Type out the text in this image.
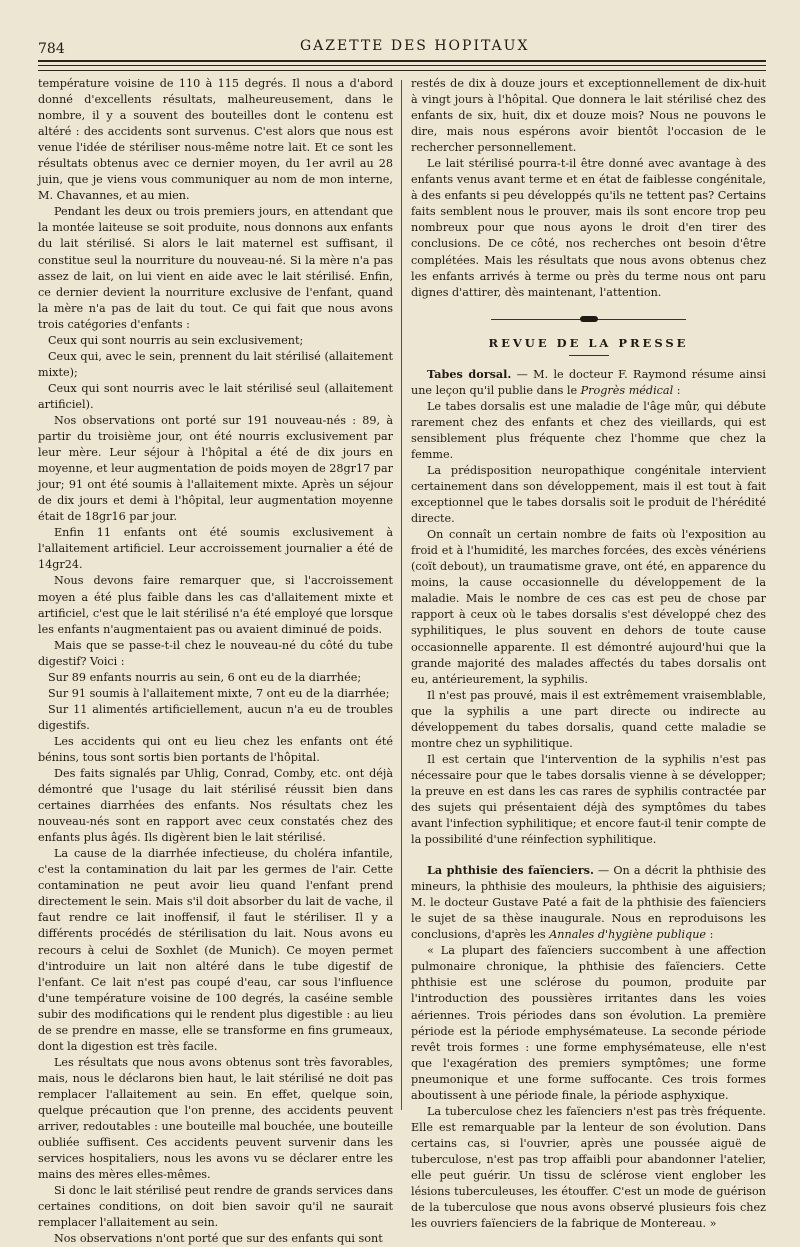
784	GAZETTE DES HOPITAUX

température voisine de 110 à 115 degrés. Il nous a d'abord donné d'excellents résultats, malheureusement, dans le nombre, il y a souvent des bouteilles dont le contenu est altéré : des accidents sont survenus. C'est alors que nous est venue l'idée de stériliser nous-même notre lait. Et ce sont les résultats obtenus avec ce dernier moyen, du 1er avril au 28 juin, que je viens vous communiquer au nom de mon interne, M. Chavannes, et au mien.

Pendant les deux ou trois premiers jours, en attendant que la montée laiteuse se soit produite, nous donnons aux enfants du lait stérilisé. Si alors le lait maternel est suffisant, il constitue seul la nourriture du nouveau-né. Si la mère n'a pas assez de lait, on lui vient en aide avec le lait stérilisé. Enfin, ce dernier devient la nourriture exclusive de l'enfant, quand la mère n'a pas de lait du tout. Ce qui fait que nous avons trois catégories d'enfants :

Ceux qui sont nourris au sein exclusivement;

Ceux qui, avec le sein, prennent du lait stérilisé (allaitement mixte);

Ceux qui sont nourris avec le lait stérilisé seul (allaitement artificiel).

Nos observations ont porté sur 191 nouveau-nés : 89, à partir du troisième jour, ont été nourris exclusivement par leur mère. Leur séjour à l'hôpital a été de dix jours en moyenne, et leur augmentation de poids moyen de 28gr17 par jour; 91 ont été soumis à l'allaitement mixte. Après un séjour de dix jours et demi à l'hôpital, leur augmentation moyenne était de 18gr16 par jour.

Enfin 11 enfants ont été soumis exclusivement à l'allaitement artificiel. Leur accroissement journalier a été de 14gr24.

Nous devons faire remarquer que, si l'accroissement moyen a été plus faible dans les cas d'allaitement mixte et artificiel, c'est que le lait stérilisé n'a été employé que lorsque les enfants n'augmentaient pas ou avaient diminué de poids.

Mais que se passe-t-il chez le nouveau-né du côté du tube digestif? Voici :

Sur 89 enfants nourris au sein, 6 ont eu de la diarrhée;

Sur 91 soumis à l'allaitement mixte, 7 ont eu de la diarrhée;

Sur 11 alimentés artificiellement, aucun n'a eu de troubles digestifs.

Les accidents qui ont eu lieu chez les enfants ont été bénins, tous sont sortis bien portants de l'hôpital.

Des faits signalés par Uhlig, Conrad, Comby, etc. ont déjà démontré que l'usage du lait stérilisé réussit bien dans certaines diarrhées des enfants. Nos résultats chez les nouveau-nés sont en rapport avec ceux constatés chez des enfants plus âgés. Ils digèrent bien le lait stérilisé.

La cause de la diarrhée infectieuse, du choléra infantile, c'est la contamination du lait par les germes de l'air. Cette contamination ne peut avoir lieu quand l'enfant prend directement le sein. Mais s'il doit absorber du lait de vache, il faut rendre ce lait inoffensif, il faut le stériliser. Il y a différents procédés de stérilisation du lait. Nous avons eu recours à celui de Soxhlet (de Munich). Ce moyen permet d'introduire un lait non altéré dans le tube digestif de l'enfant. Ce lait n'est pas coupé d'eau, car sous l'influence d'une température voisine de 100 degrés, la caséine semble subir des modifications qui le rendent plus digestible : au lieu de se prendre en masse, elle se transforme en fins grumeaux, dont la digestion est très facile.

Les résultats que nous avons obtenus sont très favorables, mais, nous le déclarons bien haut, le lait stérilisé ne doit pas remplacer l'allaitement au sein. En effet, quelque soin, quelque précaution que l'on prenne, des accidents peuvent arriver, redoutables : une bouteille mal bouchée, une bouteille oubliée suffisent. Ces accidents peuvent survenir dans les services hospitaliers, nous les avons vu se déclarer entre les mains des mères elles-mêmes.

Si donc le lait stérilisé peut rendre de grands services dans certaines conditions, on doit bien savoir qu'il ne saurait remplacer l'allaitement au sein.

Nos observations n'ont porté que sur des enfants qui sont

restés de dix à douze jours et exceptionnellement de dix-huit à vingt jours à l'hôpital. Que donnera le lait stérilisé chez des enfants de six, huit, dix et douze mois? Nous ne pouvons le dire, mais nous espérons avoir bientôt l'occasion de le rechercher personnellement.

Le lait stérilisé pourra-t-il être donné avec avantage à des enfants venus avant terme et en état de faiblesse congénitale, à des enfants si peu développés qu'ils ne tettent pas? Certains faits semblent nous le prouver, mais ils sont encore trop peu nombreux pour que nous ayons le droit d'en tirer des conclusions. De ce côté, nos recherches ont besoin d'être complétées. Mais les résultats que nous avons obtenus chez les enfants arrivés à terme ou près du terme nous ont paru dignes d'attirer, dès maintenant, l'attention.

REVUE DE LA PRESSE

Tabes dorsal. — M. le docteur F. Raymond résume ainsi une leçon qu'il publie dans le Progrès médical :

Le tabes dorsalis est une maladie de l'âge mûr, qui débute rarement chez des enfants et chez des vieillards, qui est sensiblement plus fréquente chez l'homme que chez la femme.

La prédisposition neuropathique congénitale intervient certainement dans son développement, mais il est tout à fait exceptionnel que le tabes dorsalis soit le produit de l'hérédité directe.

On connaît un certain nombre de faits où l'exposition au froid et à l'humidité, les marches forcées, des excès vénériens (coït debout), un traumatisme grave, ont été, en apparence du moins, la cause occasionnelle du développement de la maladie. Mais le nombre de ces cas est peu de chose par rapport à ceux où le tabes dorsalis s'est développé chez des syphilitiques, le plus souvent en dehors de toute cause occasionnelle apparente. Il est démontré aujourd'hui que la grande majorité des malades affectés du tabes dorsalis ont eu, antérieurement, la syphilis.

Il n'est pas prouvé, mais il est extrêmement vraisemblable, que la syphilis a une part directe ou indirecte au développement du tabes dorsalis, quand cette maladie se montre chez un syphilitique.

Il est certain que l'intervention de la syphilis n'est pas nécessaire pour que le tabes dorsalis vienne à se développer; la preuve en est dans les cas rares de syphilis contractée par des sujets qui présentaient déjà des symptômes du tabes avant l'infection syphilitique; et encore faut-il tenir compte de la possibilité d'une réinfection syphilitique.

La phthisie des faïenciers. — On a décrit la phthisie des mineurs, la phthisie des mouleurs, la phthisie des aiguisiers; M. le docteur Gustave Paté a fait de la phthisie des faïenciers le sujet de sa thèse inaugurale. Nous en reproduisons les conclusions, d'après les Annales d'hygiène publique :

« La plupart des faïenciers succombent à une affection pulmonaire chronique, la phthisie des faïenciers. Cette phthisie est une sclérose du poumon, produite par l'introduction des poussières irritantes dans les voies aériennes. Trois périodes dans son évolution. La première période est la période emphysémateuse. La seconde période revêt trois formes : une forme emphysémateuse, elle n'est que l'exagération des premiers symptômes; une forme pneumonique et une forme suffocante. Ces trois formes aboutissent à une période finale, la période asphyxique.

La tuberculose chez les faïenciers n'est pas très fréquente. Elle est remarquable par la lenteur de son évolution. Dans certains cas, si l'ouvrier, après une poussée aiguë de tuberculose, n'est pas trop affaibli pour abandonner l'atelier, elle peut guérir. Un tissu de sclérose vient englober les lésions tuberculeuses, les étouffer. C'est un mode de guérison de la tuberculose que nous avons observé plusieurs fois chez les ouvriers faïenciers de la fabrique de Montereau. »
